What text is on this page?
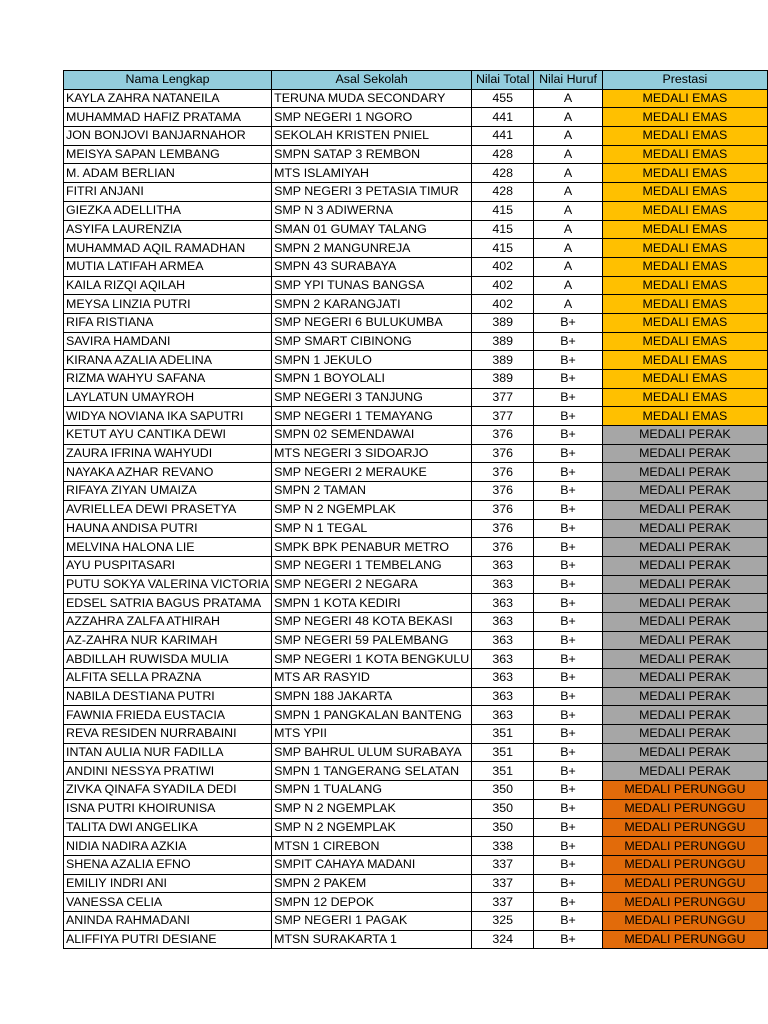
Nama Lengkap	Asal Sekolah	Nilai Total	Nilai Huruf	Prestasi
KAYLA ZAHRA NATANEILA	TERUNA MUDA SECONDARY	455	A	MEDALI EMAS
MUHAMMAD HAFIZ PRATAMA	SMP NEGERI 1 NGORO	441	A	MEDALI EMAS
JON BONJOVI BANJARNAHOR	SEKOLAH KRISTEN PNIEL	441	A	MEDALI EMAS
MEISYA SAPAN LEMBANG	SMPN SATAP 3 REMBON	428	A	MEDALI EMAS
M. ADAM BERLIAN	MTS ISLAMIYAH	428	A	MEDALI EMAS
FITRI ANJANI	SMP NEGERI 3 PETASIA TIMUR	428	A	MEDALI EMAS
GIEZKA ADELLITHA	SMP N 3 ADIWERNA	415	A	MEDALI EMAS
ASYIFA LAURENZIA	SMAN 01 GUMAY TALANG	415	A	MEDALI EMAS
MUHAMMAD AQIL RAMADHAN	SMPN 2 MANGUNREJA	415	A	MEDALI EMAS
MUTIA LATIFAH ARMEA	SMPN 43 SURABAYA	402	A	MEDALI EMAS
KAILA RIZQI AQILAH	SMP YPI TUNAS BANGSA	402	A	MEDALI EMAS
MEYSA LINZIA PUTRI	SMPN 2 KARANGJATI	402	A	MEDALI EMAS
RIFA RISTIANA	SMP NEGERI 6 BULUKUMBA	389	B+	MEDALI EMAS
SAVIRA HAMDANI	SMP SMART CIBINONG	389	B+	MEDALI EMAS
KIRANA AZALIA ADELINA	SMPN 1 JEKULO	389	B+	MEDALI EMAS
RIZMA WAHYU SAFANA	SMPN 1 BOYOLALI	389	B+	MEDALI EMAS
LAYLATUN UMAYROH	SMP NEGERI 3 TANJUNG	377	B+	MEDALI EMAS
WIDYA NOVIANA IKA SAPUTRI	SMP NEGERI 1 TEMAYANG	377	B+	MEDALI EMAS
KETUT AYU CANTIKA DEWI	SMPN 02 SEMENDAWAI	376	B+	MEDALI PERAK
ZAURA IFRINA WAHYUDI	MTS NEGERI 3 SIDOARJO	376	B+	MEDALI PERAK
NAYAKA AZHAR REVANO	SMP NEGERI 2 MERAUKE	376	B+	MEDALI PERAK
RIFAYA ZIYAN UMAIZA	SMPN 2 TAMAN	376	B+	MEDALI PERAK
AVRIELLEA DEWI PRASETYA	SMP N 2 NGEMPLAK	376	B+	MEDALI PERAK
HAUNA ANDISA PUTRI	SMP N 1 TEGAL	376	B+	MEDALI PERAK
MELVINA HALONA LIE	SMPK BPK PENABUR METRO	376	B+	MEDALI PERAK
AYU PUSPITASARI	SMP NEGERI 1 TEMBELANG	363	B+	MEDALI PERAK
PUTU SOKYA VALERINA VICTORIA	SMP NEGERI 2 NEGARA	363	B+	MEDALI PERAK
EDSEL SATRIA BAGUS PRATAMA	SMPN 1 KOTA KEDIRI	363	B+	MEDALI PERAK
AZZAHRA ZALFA ATHIRAH	SMP NEGERI 48 KOTA BEKASI	363	B+	MEDALI PERAK
AZ-ZAHRA NUR KARIMAH	SMP NEGERI 59 PALEMBANG	363	B+	MEDALI PERAK
ABDILLAH RUWISDA MULIA	SMP NEGERI 1 KOTA BENGKULU	363	B+	MEDALI PERAK
ALFITA SELLA PRAZNA	MTS AR RASYID	363	B+	MEDALI PERAK
NABILA DESTIANA PUTRI	SMPN 188 JAKARTA	363	B+	MEDALI PERAK
FAWNIA FRIEDA EUSTACIA	SMPN 1 PANGKALAN BANTENG	363	B+	MEDALI PERAK
REVA RESIDEN NURRABAINI	MTS YPII	351	B+	MEDALI PERAK
INTAN AULIA NUR FADILLA	SMP BAHRUL ULUM SURABAYA	351	B+	MEDALI PERAK
ANDINI NESSYA PRATIWI	SMPN 1 TANGERANG SELATAN	351	B+	MEDALI PERAK
ZIVKA QINAFA SYADILA DEDI	SMPN 1 TUALANG	350	B+	MEDALI PERUNGGU
ISNA PUTRI KHOIRUNISA	SMP N 2 NGEMPLAK	350	B+	MEDALI PERUNGGU
TALITA DWI ANGELIKA	SMP N 2 NGEMPLAK	350	B+	MEDALI PERUNGGU
NIDIA NADIRA AZKIA	MTSN 1 CIREBON	338	B+	MEDALI PERUNGGU
SHENA AZALIA EFNO	SMPIT CAHAYA MADANI	337	B+	MEDALI PERUNGGU
EMILIY INDRI ANI	SMPN 2 PAKEM	337	B+	MEDALI PERUNGGU
VANESSA CELIA	SMPN 12 DEPOK	337	B+	MEDALI PERUNGGU
ANINDA RAHMADANI	SMP NEGERI 1 PAGAK	325	B+	MEDALI PERUNGGU
ALIFFIYA PUTRI DESIANE	MTSN SURAKARTA 1	324	B+	MEDALI PERUNGGU
